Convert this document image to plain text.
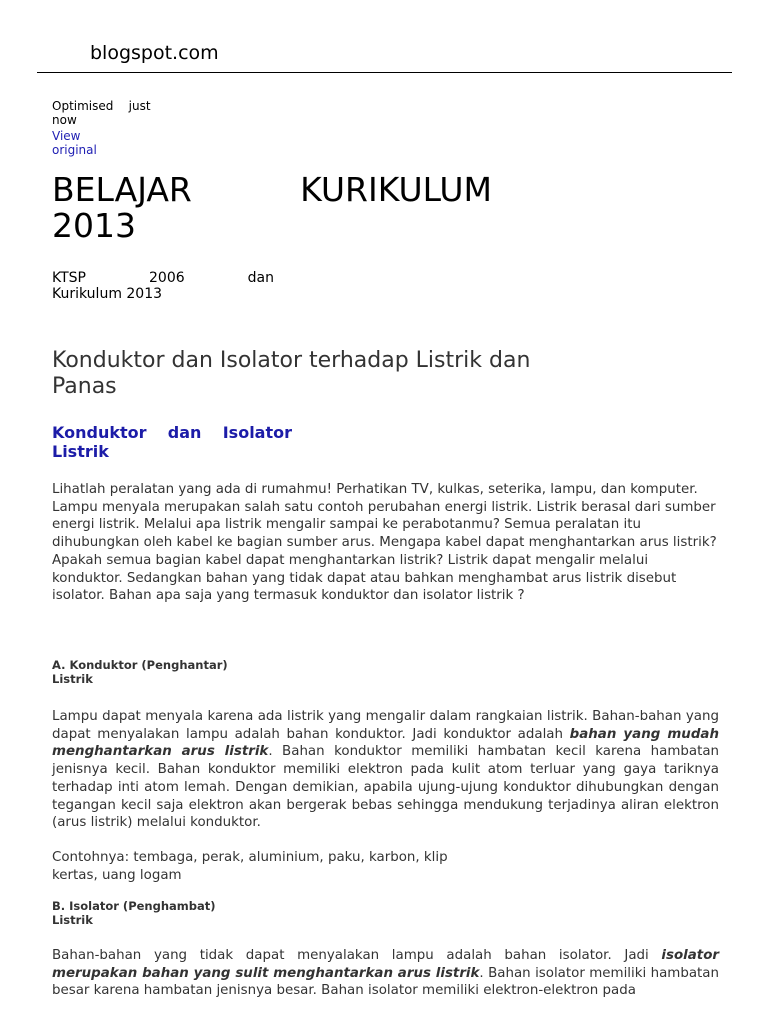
blogspot.com
Optimised just now
View original
BELAJAR KURIKULUM
2013
KTSP 2006 dan
Kurikulum 2013
Konduktor dan Isolator terhadap Listrik dan Panas
Konduktor dan Isolator
Listrik
Lihatlah peralatan yang ada di rumahmu! Perhatikan TV, kulkas, seterika, lampu, dan komputer. Lampu menyala merupakan salah satu contoh perubahan energi listrik. Listrik berasal dari sumber energi listrik. Melalui apa listrik mengalir sampai ke perabotanmu? Semua peralatan itu dihubungkan oleh kabel ke bagian sumber arus. Mengapa kabel dapat menghantarkan arus listrik? Apakah semua bagian kabel dapat menghantarkan listrik? Listrik dapat mengalir melalui konduktor. Sedangkan bahan yang tidak dapat atau bahkan menghambat arus listrik disebut isolator. Bahan apa saja yang termasuk konduktor dan isolator listrik ?
A. Konduktor (Penghantar)
Listrik
Lampu dapat menyala karena ada listrik yang mengalir dalam rangkaian listrik. Bahan-bahan yang dapat menyalakan lampu adalah bahan konduktor. Jadi konduktor adalah bahan yang mudah menghantarkan arus listrik. Bahan konduktor memiliki hambatan kecil karena hambatan jenisnya kecil. Bahan konduktor memiliki elektron pada kulit atom terluar yang gaya tariknya terhadap inti atom lemah. Dengan demikian, apabila ujung-ujung konduktor dihubungkan dengan tegangan kecil saja elektron akan bergerak bebas sehingga mendukung terjadinya aliran elektron (arus listrik) melalui konduktor.
Contohnya: tembaga, perak, aluminium, paku, karbon, klip kertas, uang logam
B. Isolator (Penghambat)
Listrik
Bahan-bahan yang tidak dapat menyalakan lampu adalah bahan isolator. Jadi isolator merupakan bahan yang sulit menghantarkan arus listrik. Bahan isolator memiliki hambatan besar karena hambatan jenisnya besar. Bahan isolator memiliki elektron-elektron pada
